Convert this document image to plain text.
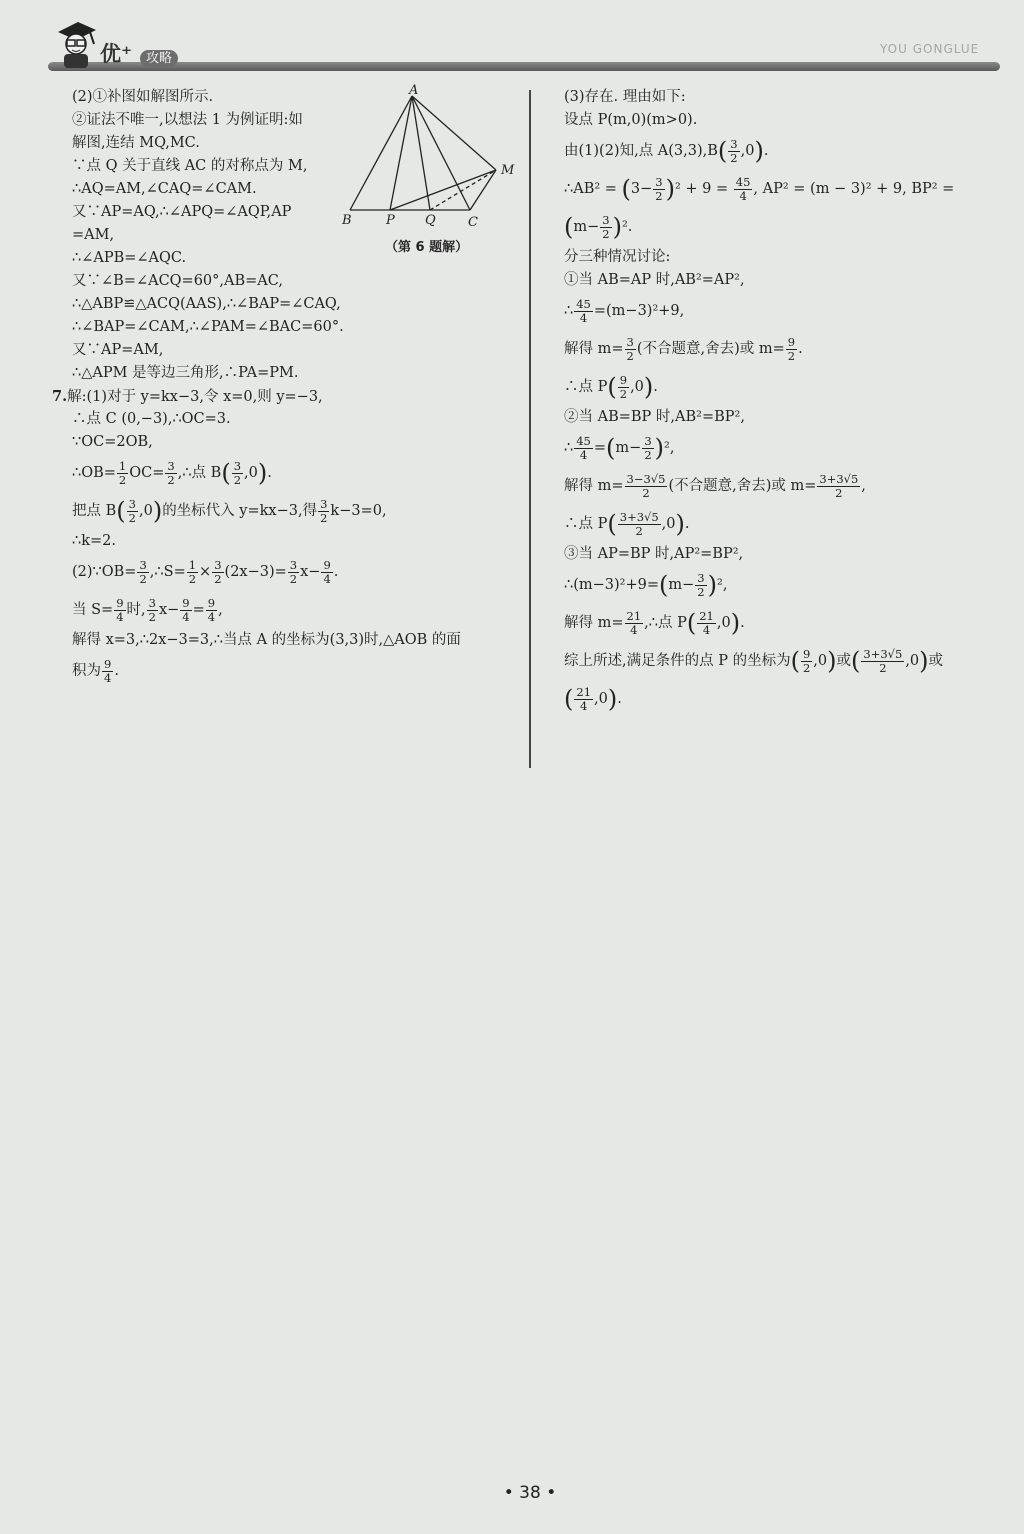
优⁺	攻略
YOU GONGLUE
A
M
B	P Q C
（第 6 题解）
(2)①补图如解图所示.
②证法不唯一,以想法 1 为例证明:如
解图,连结 MQ,MC.
∵点 Q 关于直线 AC 的对称点为 M,
∴AQ=AM,∠CAQ=∠CAM.
又∵AP=AQ,∴∠APQ=∠AQP,AP
=AM,
∴∠APB=∠AQC.
又∵∠B=∠ACQ=60°,AB=AC,
∴△ABP≌△ACQ(AAS),∴∠BAP=∠CAQ,
∴∠BAP=∠CAM,∴∠PAM=∠BAC=60°.
又∵AP=AM,
∴△APM 是等边三角形,∴PA=PM.
7.解:(1)对于 y=kx−3,令 x=0,则 y=−3,
∴点 C (0,−3),∴OC=3.
∵OC=2OB,
∴OB= $\frac{1}{2} OC= \frac{3}{2}$ ,∴点 $B( \frac{3}{2} ,0)$.
把点 $B( \frac{3}{2} ,0)$的坐标代入 y=kx−3,得 $\frac{3}{2} k-3=0$,
∴k=2.
(2)∵OB= $\frac{3}{2}$ ,∴S= $\frac{1}{2} \times \frac{3}{2} (2x-3)= \frac{3}{2} x- \frac{9}{4}$ .
当 $S= \frac{9}{4}$ 时, $\frac{3}{2} x- \frac{9}{4} = \frac{9}{4}$ ,
解得 x=3,∴2x−3=3,∴当点 A 的坐标为(3,3)时,△AOB 的面
积为 $\frac{9}{4}$ .
(3)存在. 理由如下:
设点 P(m,0)(m>0).
由(1)(2)知,点 $A(3,3),B( \frac{3}{2} ,0)$.
∴AB² = $(3- \frac{3}{2} )^2 + 9 = \frac{45}{4}$ , AP² = (m − 3)² + 9, BP² =
$(m- \frac{3}{2} )^2$.
分三种情况讨论:
①当 AB=AP 时,AB²=AP²,
∴ $\frac{45}{4} =(m-3)^2+9$,
解得 $m= \frac{3}{2}$ (不合题意,舍去)或 $m= \frac{9}{2}$ .
∴点 $P( \frac{9}{2} ,0)$.
②当 AB=BP 时,AB²=BP²,
∴ $\frac{45}{4} =(m- \frac{3}{2} )^2$,
解得 $m= \frac{3-3√5}{2}$ (不合题意,舍去)或 $m= \frac{3+3√5}{2}$ ,
∴点 $P( \frac{3+3√5}{2} ,0)$.
③当 AP=BP 时,AP²=BP²,
∴(m−3)²+9=(m− $\frac{3}{2} )^2$,
解得 $m= \frac{21}{4}$ ,∴点 $P( \frac{21}{4} ,0)$.
综上所述,满足条件的点 P 的坐标为( $\frac{9}{2} ,0$)或( $\frac{3+3√5}{2} ,0$)或
( $\frac{21}{4} ,0$).
• 38 •
